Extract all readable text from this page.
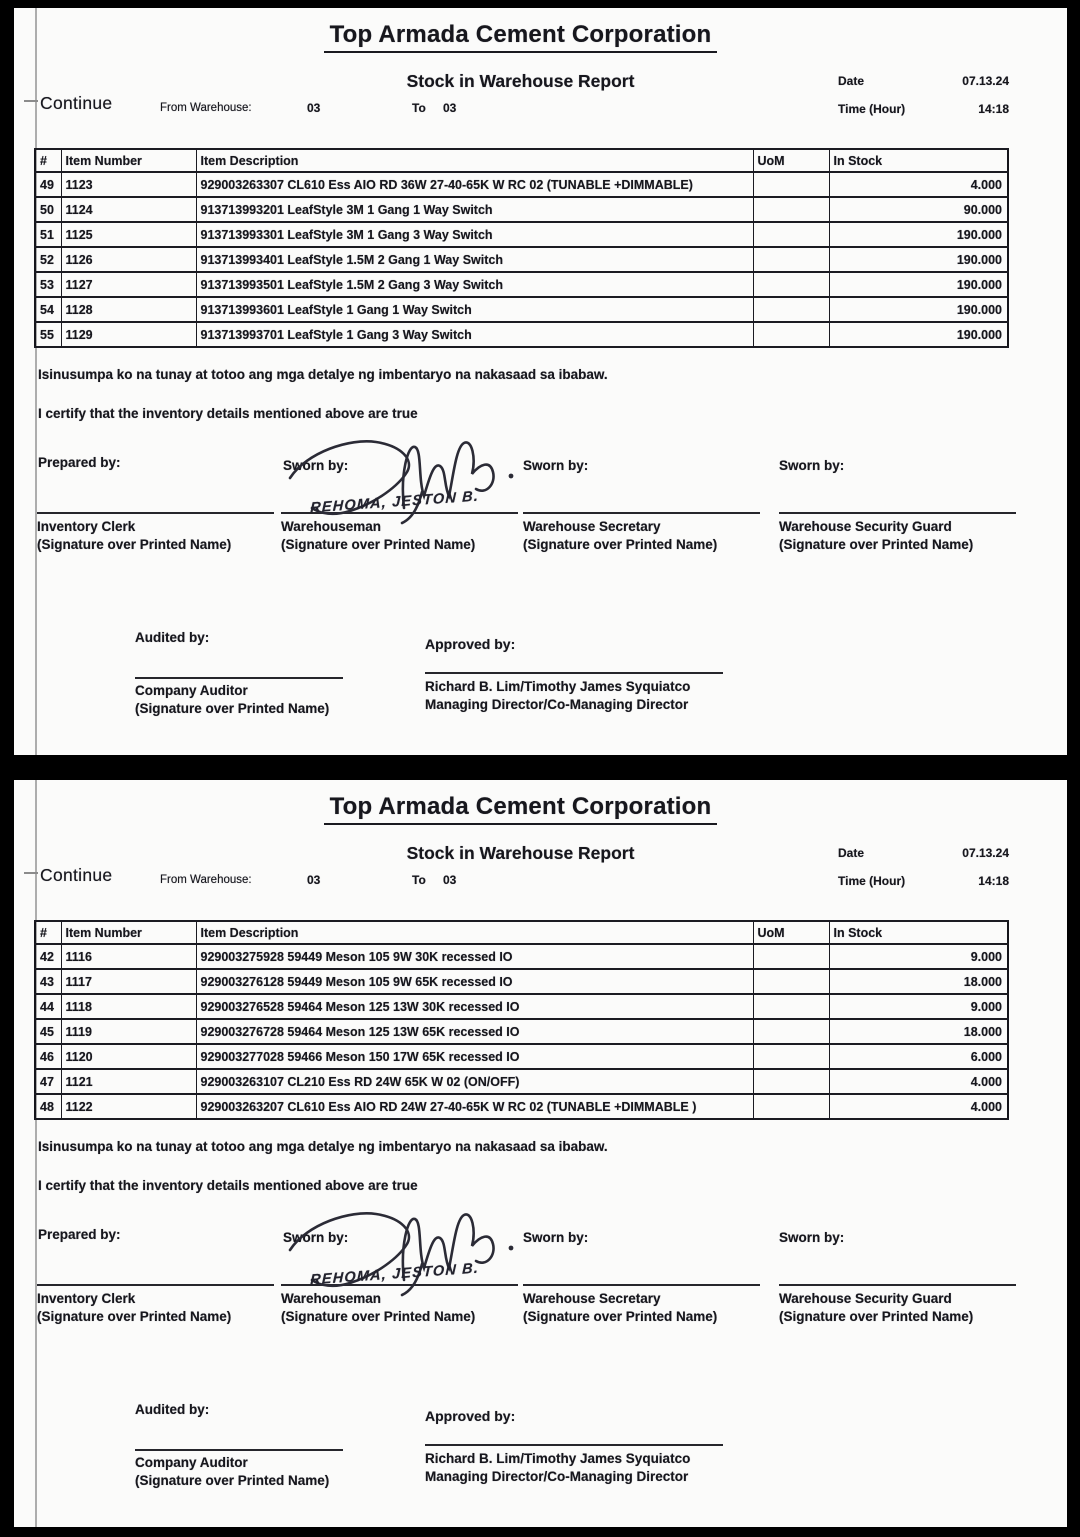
Top Armada Cement Corporation
Stock in Warehouse Report	Date	07.13.24
Time (Hour)	14:18
Continue	From Warehouse:	03	To 03
#	Item Number	Item Description	UoM	In Stock
49	1123	929003263307 CL610 Ess AIO RD 36W 27-40-65K W RC 02 (TUNABLE +DIMMABLE)		4.000
50	1124	913713993201 LeafStyle 3M 1 Gang 1 Way Switch		90.000
51	1125	913713993301 LeafStyle 3M 1 Gang 3 Way Switch		190.000
52	1126	913713993401 LeafStyle 1.5M 2 Gang 1 Way Switch		190.000
53	1127	913713993501 LeafStyle 1.5M 2 Gang 3 Way Switch		190.000
54	1128	913713993601 LeafStyle 1 Gang 1 Way Switch		190.000
55	1129	913713993701 LeafStyle 1 Gang 3 Way Switch		190.000
Isinusumpa ko na tunay at totoo ang mga detalye ng imbentaryo na nakasaad sa ibabaw.
I certify that the inventory details mentioned above are true
Prepared by:	Sworn by:	Sworn by:	Sworn by:
Inventory Clerk
(Signature over Printed Name)
Warehouseman
(Signature over Printed Name)
Warehouse Secretary
(Signature over Printed Name)
Warehouse Security Guard
(Signature over Printed Name)
REHOMA, JESTON B.
Audited by:
Company Auditor
(Signature over Printed Name)
Approved by:
Richard B. Lim/Timothy James Syquiatco
Managing Director/Co-Managing Director
Top Armada Cement Corporation
Stock in Warehouse Report	Date	07.13.24
Time (Hour)	14:18
Continue	From Warehouse:	03	To 03
#	Item Number	Item Description	UoM	In Stock
42	1116	929003275928 59449 Meson 105 9W 30K recessed IO		9.000
43	1117	929003276128 59449 Meson 105 9W 65K recessed IO		18.000
44	1118	929003276528 59464 Meson 125 13W 30K recessed IO		9.000
45	1119	929003276728 59464 Meson 125 13W 65K recessed IO		18.000
46	1120	929003277028 59466 Meson 150 17W 65K recessed IO		6.000
47	1121	929003263107 CL210 Ess RD 24W 65K W 02 (ON/OFF)		4.000
48	1122	929003263207 CL610 Ess AIO RD 24W 27-40-65K W RC 02 (TUNABLE +DIMMABLE )		4.000
Isinusumpa ko na tunay at totoo ang mga detalye ng imbentaryo na nakasaad sa ibabaw.
I certify that the inventory details mentioned above are true
Prepared by:	Sworn by:	Sworn by:	Sworn by:
Inventory Clerk
(Signature over Printed Name)
Warehouseman
(Signature over Printed Name)
Warehouse Secretary
(Signature over Printed Name)
Warehouse Security Guard
(Signature over Printed Name)
REHOMA, JESTON B.
Audited by:
Company Auditor
(Signature over Printed Name)
Approved by:
Richard B. Lim/Timothy James Syquiatco
Managing Director/Co-Managing Director
